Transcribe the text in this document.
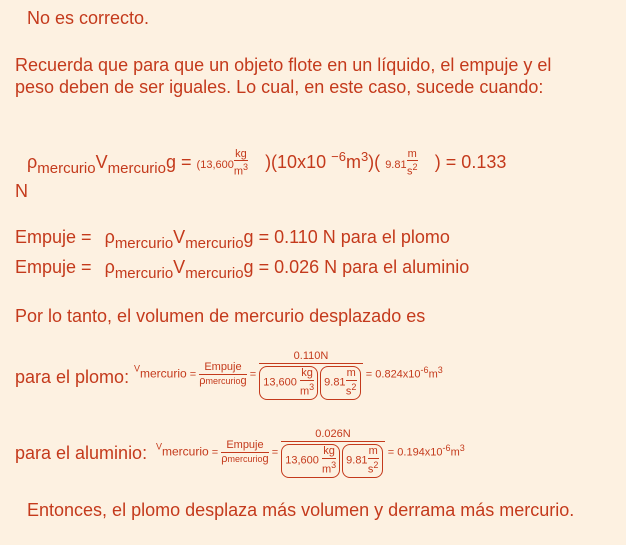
No es correcto.
Recuerda que para que un objeto flote en un líquido, el empuje y el peso deben de ser iguales. Lo cual, en este caso, sucede cuando:
$\rho_{mercurio}V_{mercurio}g = (13,600 \frac{kg}{m^3} )(10x10$ $^{-6}m^3$)( $9.81 \frac{m}{s^2}$ ) = 0.133
N
Empuje = $\rho_{mercurio}V_{mercurio}g = 0.110$ N para el plomo
Empuje = $\rho_{mercurio}V_{mercurio}g = 0.026$ N para el aluminio
Por lo tanto, el volumen de mercurio desplazado es
para el plomo: $^V$mercurio = $\frac{\text{Empuje}}{\text{ρmercuriog}} = \frac{0.110N}{13,600 \frac{kg}{m^3} 9.81 \frac{m}{s^2}} = 0.824x10^{-6}m^3$
para el aluminio: $^V$mercurio = $\frac{\text{Empuje}}{\text{ρmercuriog}} = \frac{0.026N}{13,600 \frac{kg}{m^3} 9.81 \frac{m}{s^2}} = 0.194x10^{-6}m^3$
Entonces, el plomo desplaza más volumen y derrama más mercurio.
